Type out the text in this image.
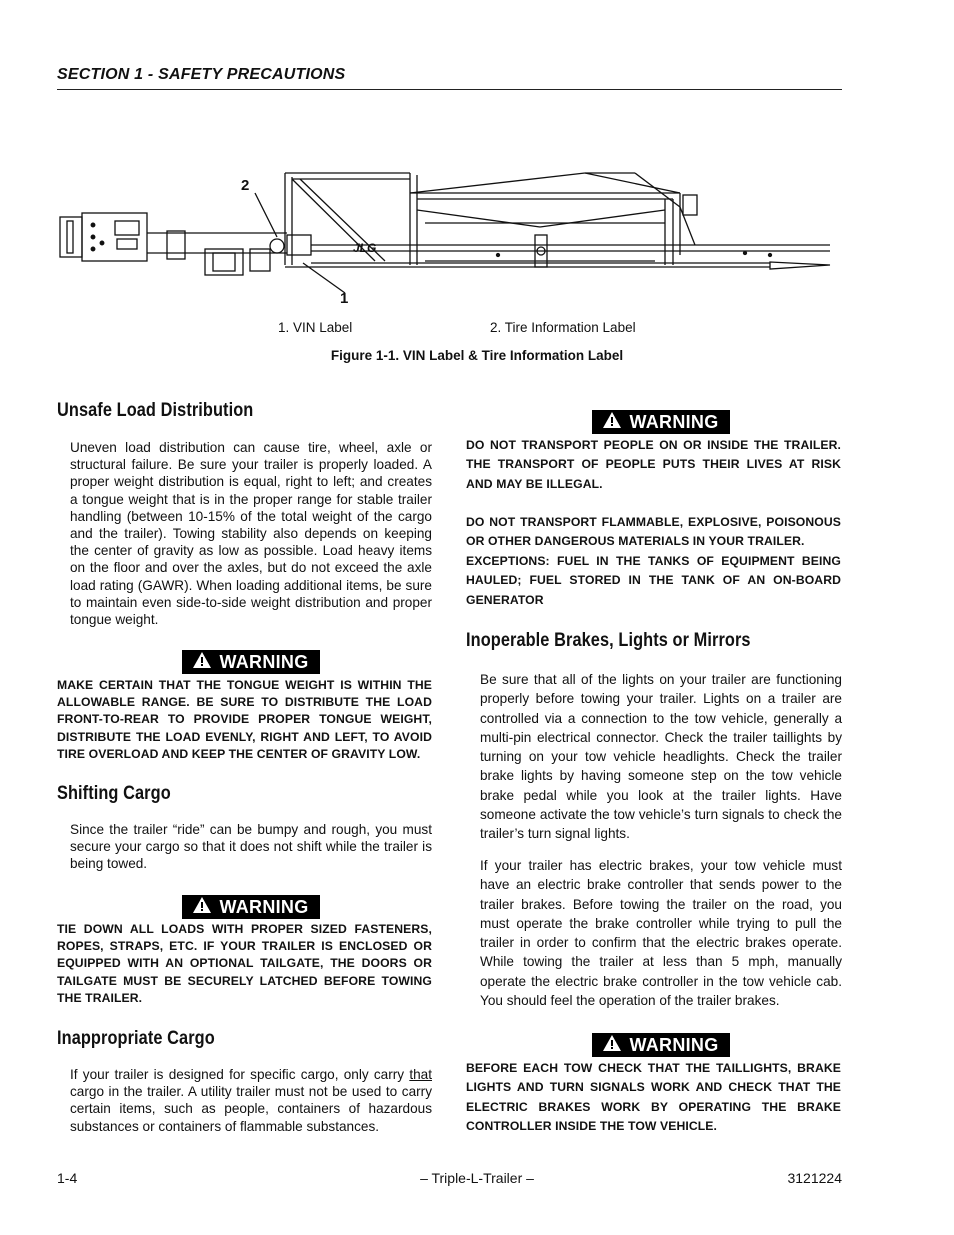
SECTION 1 - SAFETY PRECAUTIONS
JLG
2
1
1. VIN Label	2. Tire Information Label
Figure 1-1. VIN Label & Tire Information Label
Unsafe Load Distribution

Uneven load distribution can cause tire, wheel, axle or structural failure. Be sure your trailer is properly loaded. A proper weight distribution is equal, right to left; and creates a tongue weight that is in the proper range for stable trailer handling (between 10-15% of the total weight of the cargo and the trailer). Towing stability also depends on keeping the center of gravity as low as possible. Load heavy items on the floor and over the axles, but do not exceed the axle load rating (GAWR). When loading additional items, be sure to maintain even side-to-side weight distribution and proper tongue weight.

WARNING

MAKE CERTAIN THAT THE TONGUE WEIGHT IS WITHIN THE ALLOWABLE RANGE. BE SURE TO DISTRIBUTE THE LOAD FRONT-TO-REAR TO PROVIDE PROPER TONGUE WEIGHT, DISTRIBUTE THE LOAD EVENLY, RIGHT AND LEFT, TO AVOID TIRE OVERLOAD AND KEEP THE CENTER OF GRAVITY LOW.

Shifting Cargo

Since the trailer “ride” can be bumpy and rough, you must secure your cargo so that it does not shift while the trailer is being towed.

WARNING

TIE DOWN ALL LOADS WITH PROPER SIZED FASTENERS, ROPES, STRAPS, ETC. IF YOUR TRAILER IS ENCLOSED OR EQUIPPED WITH AN OPTIONAL TAILGATE, THE DOORS OR TAILGATE MUST BE SECURELY LATCHED BEFORE TOWING THE TRAILER.

Inappropriate Cargo

If your trailer is designed for specific cargo, only carry that cargo in the trailer. A utility trailer must not be used to carry certain items, such as people, containers of hazardous substances or containers of flammable substances.

WARNING

DO NOT TRANSPORT PEOPLE ON OR INSIDE THE TRAILER. THE TRANSPORT OF PEOPLE PUTS THEIR LIVES AT RISK AND MAY BE ILLEGAL.

DO NOT TRANSPORT FLAMMABLE, EXPLOSIVE, POISONOUS OR OTHER DANGEROUS MATERIALS IN YOUR TRAILER.

EXCEPTIONS: FUEL IN THE TANKS OF EQUIPMENT BEING HAULED; FUEL STORED IN THE TANK OF AN ON-BOARD GENERATOR

Inoperable Brakes, Lights or Mirrors

Be sure that all of the lights on your trailer are functioning properly before towing your trailer. Lights on a trailer are controlled via a connection to the tow vehicle, generally a multi-pin electrical connector. Check the trailer taillights by turning on your tow vehicle headlights. Check the trailer brake lights by having someone step on the tow vehicle brake pedal while you look at the trailer lights. Have someone activate the tow vehicle’s turn signals to check the trailer’s turn signal lights.

If your trailer has electric brakes, your tow vehicle must have an electric brake controller that sends power to the trailer brakes. Before towing the trailer on the road, you must operate the brake controller while trying to pull the trailer in order to confirm that the electric brakes operate. While towing the trailer at less than 5 mph, manually operate the electric brake controller in the tow vehicle cab. You should feel the operation of the trailer brakes.

WARNING

BEFORE EACH TOW CHECK THAT THE TAILLIGHTS, BRAKE LIGHTS AND TURN SIGNALS WORK AND CHECK THAT THE ELECTRIC BRAKES WORK BY OPERATING THE BRAKE CONTROLLER INSIDE THE TOW VEHICLE.

– Triple-L-Trailer –
1-4	3121224
